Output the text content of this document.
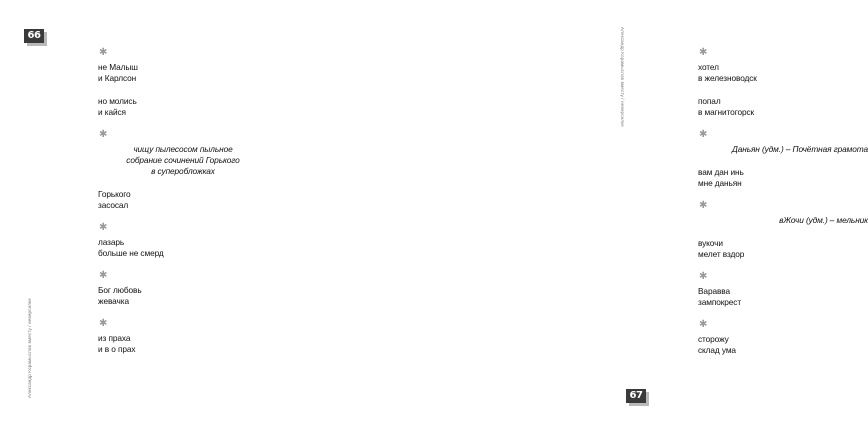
66
Александр Корамыслов вместу / неверсилке
✱
не Малыш
и Карлсон
но молись
и кайся
✱
чищу пылесосом пыльное
собрание сочинений Горького
в суперобложках
Горького
засосал
✱
лазарь
больше не смерд
✱
Бог любовь
жевачка
✱
из праха
и в о прах
67
Александр Корамыслов вместу / неверсилке	✱
хотел
в железноводск
попал
в магнитогорск
✱
Даньян (удм.) – Почётная грамота
вам дан инь
мне даньян
✱
вЖочи (удм.) – мельник
вукочи
мелет вздор
✱
Варавва
зампокрест
✱
сторожу
склад ума
